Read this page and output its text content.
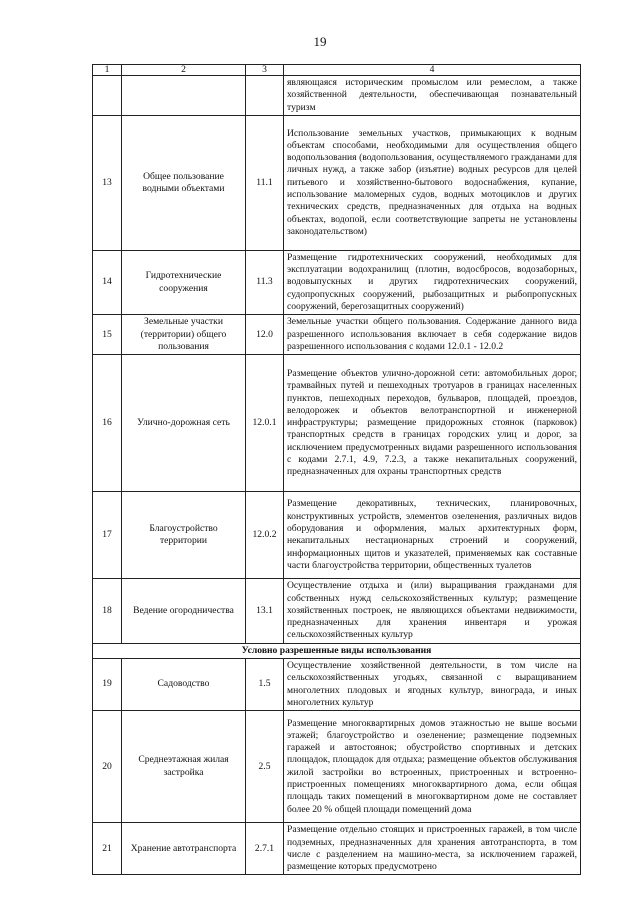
19
1	2	3	4
			являющаяся историческим промыслом или ремеслом, а также хозяйственной деятельности, обеспечивающая познавательный туризм
13	Общее пользование водными объектами	11.1	Использование земельных участков, примыкающих к водным объектам способами, необходимыми для осуществления общего водопользования (водопользования, осуществляемого гражданами для личных нужд, а также забор (изъятие) водных ресурсов для целей питьевого и хозяйственно-бытового водоснабжения, купание, использование маломерных судов, водных мотоциклов и других технических средств, предназначенных для отдыха на водных объектах, водопой, если соответствующие запреты не установлены законодательством)
14	Гидротехнические сооружения	11.3	Размещение гидротехнических сооружений, необходимых для эксплуатации водохранилищ (плотин, водосбросов, водозаборных, водовыпускных и других гидротехнических сооружений, судопропускных сооружений, рыбозащитных и рыбопропускных сооружений, берегозащитных сооружений)
15	Земельные участки (территории) общего пользования	12.0	Земельные участки общего пользования. Содержание данного вида разрешенного использования включает в себя содержание видов разрешенного использования с кодами 12.0.1 - 12.0.2
16	Улично-дорожная сеть	12.0.1	Размещение объектов улично-дорожной сети: автомобильных дорог, трамвайных путей и пешеходных тротуаров в границах населенных пунктов, пешеходных переходов, бульваров, площадей, проездов, велодорожек и объектов велотранспортной и инженерной инфраструктуры; размещение придорожных стоянок (парковок) транспортных средств в границах городских улиц и дорог, за исключением предусмотренных видами разрешенного использования с кодами 2.7.1, 4.9, 7.2.3, а также некапитальных сооружений, предназначенных для охраны транспортных средств
17	Благоустройство территории	12.0.2	Размещение декоративных, технических, планировочных, конструктивных устройств, элементов озеленения, различных видов оборудования и оформления, малых архитектурных форм, некапитальных нестационарных строений и сооружений, информационных щитов и указателей, применяемых как составные части благоустройства территории, общественных туалетов
18	Ведение огородничества	13.1	Осуществление отдыха и (или) выращивания гражданами для собственных нужд сельскохозяйственных культур; размещение хозяйственных построек, не являющихся объектами недвижимости, предназначенных для хранения инвентаря и урожая сельскохозяйственных культур
Условно разрешенные виды использования			
19	Садоводство	1.5	Осуществление хозяйственной деятельности, в том числе на сельскохозяйственных угодьях, связанной с выращиванием многолетних плодовых и ягодных культур, винограда, и иных многолетних культур
20	Среднеэтажная жилая застройка	2.5	Размещение многоквартирных домов этажностью не выше восьми этажей; благоустройство и озеленение; размещение подземных гаражей и автостоянок; обустройство спортивных и детских площадок, площадок для отдыха; размещение объектов обслуживания жилой застройки во встроенных, пристроенных и встроенно-пристроенных помещениях многоквартирного дома, если общая площадь таких помещений в многоквартирном доме не составляет более 20 % общей площади помещений дома
21	Хранение автотранспорта	2.7.1	Размещение отдельно стоящих и пристроенных гаражей, в том числе подземных, предназначенных для хранения автотранспорта, в том числе с разделением на машино-места, за исключением гаражей, размещение которых предусмотрено
